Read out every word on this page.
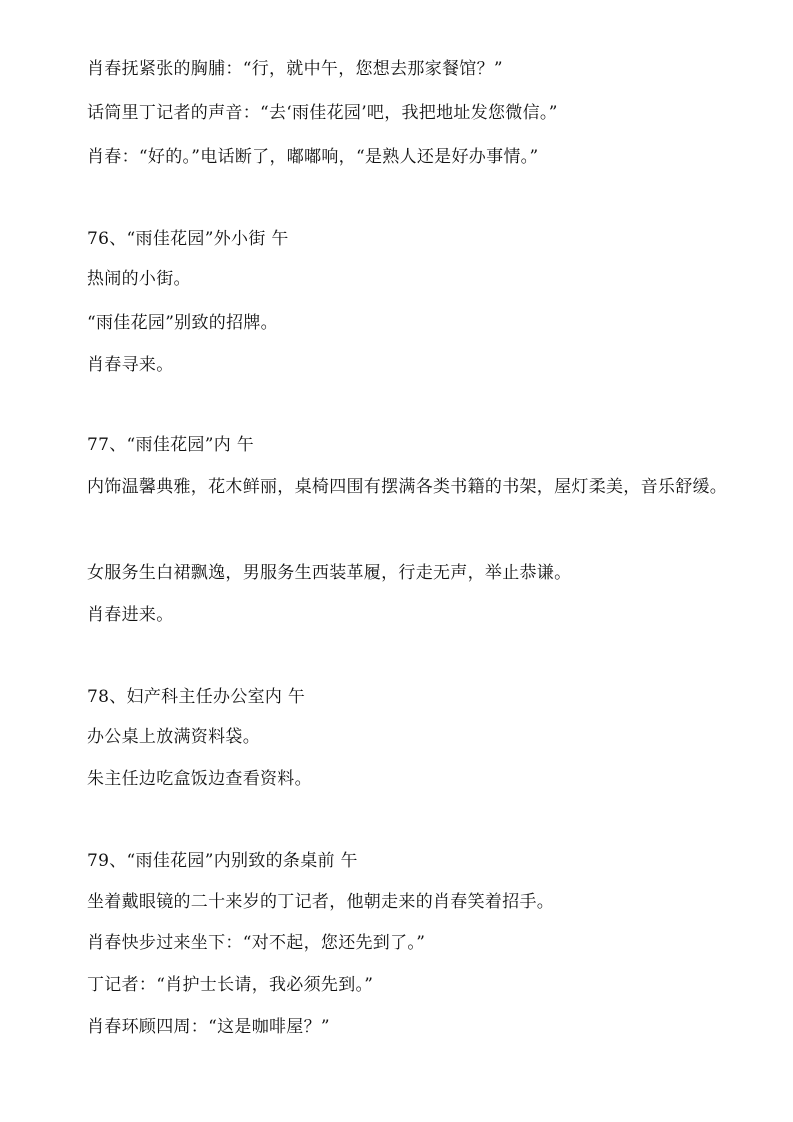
肖春抚紧张的胸脯：“行，就中午，您想去那家餐馆？”
话筒里丁记者的声音：“去‘雨佳花园’吧，我把地址发您微信。”
肖春：“好的。”电话断了，嘟嘟响，“是熟人还是好办事情。”
76、“雨佳花园”外小街 午
热闹的小街。
“雨佳花园”别致的招牌。
肖春寻来。
77、“雨佳花园”内 午
内饰温馨典雅，花木鲜丽，桌椅四围有摆满各类书籍的书架，屋灯柔美，音乐舒缓。
女服务生白裙飘逸，男服务生西装革履，行走无声，举止恭谦。
肖春进来。
78、妇产科主任办公室内 午
办公桌上放满资料袋。
朱主任边吃盒饭边查看资料。
79、“雨佳花园”内别致的条桌前 午
坐着戴眼镜的二十来岁的丁记者，他朝走来的肖春笑着招手。
肖春快步过来坐下：“对不起，您还先到了。”
丁记者：“肖护士长请，我必须先到。”
肖春环顾四周：“这是咖啡屋？”
